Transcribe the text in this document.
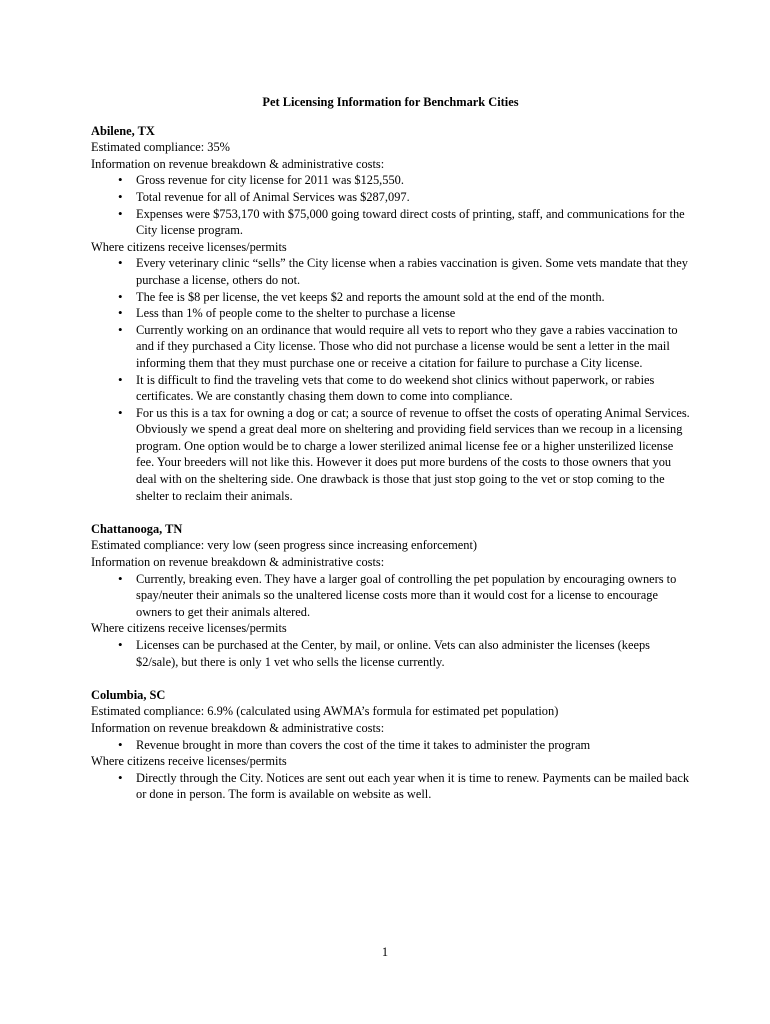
Pet Licensing Information for Benchmark Cities
Abilene, TX
Estimated compliance: 35%
Information on revenue breakdown & administrative costs:
• Gross revenue for city license for 2011 was $125,550.
• Total revenue for all of Animal Services was $287,097.
• Expenses were $753,170 with $75,000 going toward direct costs of printing, staff, and communications for the City license program.
Where citizens receive licenses/permits
• Every veterinary clinic “sells” the City license when a rabies vaccination is given. Some vets mandate that they purchase a license, others do not.
• The fee is $8 per license, the vet keeps $2 and reports the amount sold at the end of the month.
• Less than 1% of people come to the shelter to purchase a license
• Currently working on an ordinance that would require all vets to report who they gave a rabies vaccination to and if they purchased a City license. Those who did not purchase a license would be sent a letter in the mail informing them that they must purchase one or receive a citation for failure to purchase a City license.
• It is difficult to find the traveling vets that come to do weekend shot clinics without paperwork, or rabies certificates. We are constantly chasing them down to come into compliance.
• For us this is a tax for owning a dog or cat; a source of revenue to offset the costs of operating Animal Services. Obviously we spend a great deal more on sheltering and providing field services than we recoup in a licensing program. One option would be to charge a lower sterilized animal license fee or a higher unsterilized license fee. Your breeders will not like this. However it does put more burdens of the costs to those owners that you deal with on the sheltering side. One drawback is those that just stop going to the vet or stop coming to the shelter to reclaim their animals.
Chattanooga, TN
Estimated compliance: very low (seen progress since increasing enforcement)
Information on revenue breakdown & administrative costs:
• Currently, breaking even. They have a larger goal of controlling the pet population by encouraging owners to spay/neuter their animals so the unaltered license costs more than it would cost for a license to encourage owners to get their animals altered.
Where citizens receive licenses/permits
• Licenses can be purchased at the Center, by mail, or online. Vets can also administer the licenses (keeps $2/sale), but there is only 1 vet who sells the license currently.
Columbia, SC
Estimated compliance: 6.9% (calculated using AWMA’s formula for estimated pet population)
Information on revenue breakdown & administrative costs:
• Revenue brought in more than covers the cost of the time it takes to administer the program
Where citizens receive licenses/permits
• Directly through the City. Notices are sent out each year when it is time to renew. Payments can be mailed back or done in person. The form is available on website as well.
1
